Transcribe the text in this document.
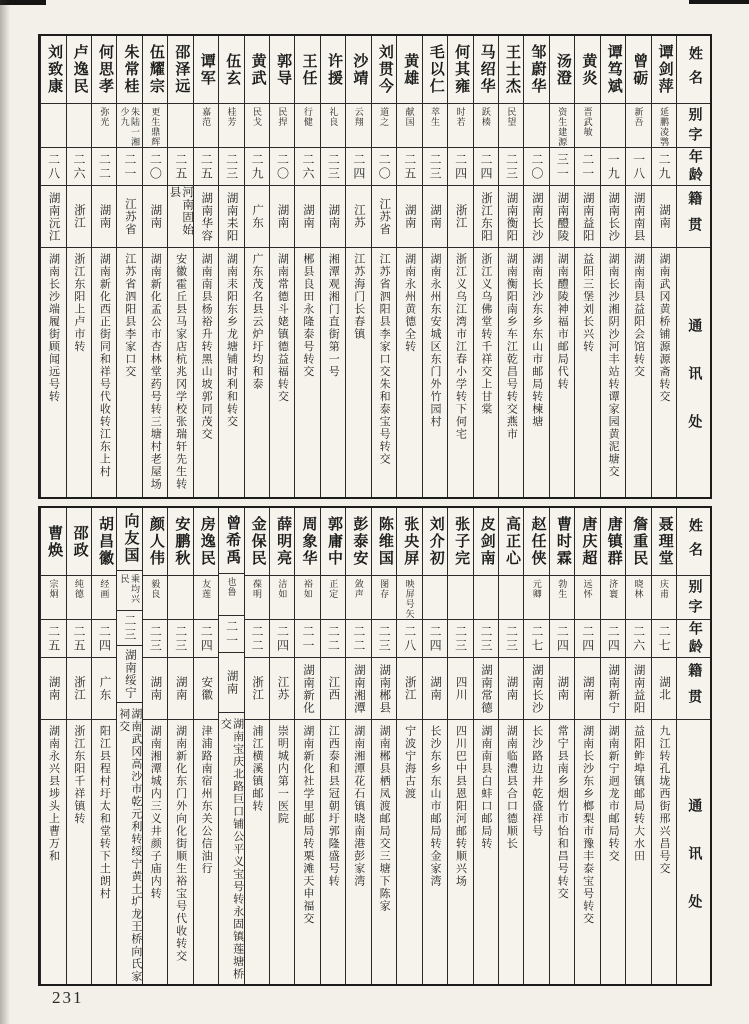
姓名
别字
年龄
籍贯
通讯处
谭剑萍
延鹏凌鹗
二九
湖南
湖南武冈黄桥铺源源斋转交
曾砺
新吾
一八
湖南南县
湖南南县益阳会馆转交
谭笃斌
一九
湖南长沙
湖南长沙湘阴沙河丰站转谭家园黄泥塘交
黄炎
晋武敏
二一
湖南益阳
益阳三堡刘长兴转
汤澄
资生建源
三一
湖南醴陵
湖南醴陵神福市邮局代转
邹蔚华
二〇
湖南长沙
湖南长沙东乡东山市邮局转楝塘
王士杰
民望
二三
湖南衡阳
湖南衡阳南乡车江乾昌号转交燕市
马绍华
跃楱
二四
浙江东阳
浙江义乌佛堂转千祥交上甘棠
何其雍
时若
二四
浙江
浙江义乌江湾市江春小学转下何宅
毛以仁
萃生
二三
湖南
湖南永州东安城区东门外竹园村
黄雄
献国
二五
湖南
湖南永州黄德全转
刘贯今
道之
二〇
江苏省
江苏省泗阳县李家口交朱和泰宝号转交
沙靖
云翔
二四
江苏
江苏海门长春镇
许援
礼良
二三
湖南
湘潭观湘门直街第一号
王任
行健
二六
湖南
郴县良田永隆泰号转交
郭导
民捍
二〇
湖南
湖南常德斗姥镇德益福转交
黄武
民戈
二九
广东
广东茂名县云炉圩均和泰
伍玄
桂芳
二三
湖南耒阳
湖南耒阳东乡龙塘铺时利和转交
谭军
嘉范
二五
湖南华容
湖南南县杨裕升转黑山坡郭同茂交
邵泽远
二五
河南固始县
安徽霍丘县马家店杭兆冈学校张瑞轩先生转
伍耀宗
更生鼎辉
二〇
湖南
湖南新化孟公市杏林堂药号转三塘村老屋场
朱常桂
朱陆一湘少九
二一
江苏省
江苏省泗阳县李家口交
何思孝
弥光
二二
湖南
湖南新化西正街同和祥号代收转江东上村
卢逸民
二六
浙江
浙江东阳上卢市转
刘致康
二八
湖南沅江
湖南长沙端履街顾闻远号转
姓名
别字
年龄
籍贯
通讯处
聂理堂
庆甫
二七
湖北
九江转孔垅西街邢兴昌号交
詹重民
晓林
二六
湖南益阳
益阳鲊埠镇邮局转大水田
唐镇群
济寰
二四
湖南新宁
湖南新宁迥龙市邮局转交
唐庆超
远怀
二四
湖南
湖南长沙东乡榔梨市豫丰泰宝号转交
曹时霖
勃生
二四
湖南
常宁县南乡烟竹市怡和昌号转交
赵任侠
元卿
二七
湖南长沙
长沙路边井乾盛祥号
高正心
二三
湖南
湖南临澧县合口德顺长
皮剑南
二三
湖南常德
湖南南县白蚌口邮局转
张子完
二三
四川
四川巴中县恩阳河邮转顺兴场
刘介初
二四
湖南
长沙东乡东山市邮局转金家湾
张央屏
映屏号矢
二八
浙江
宁波宁海古渡
陈维国
图存
二三
湖南郴县
湖南郴县栖凤渡邮局交三塘下陈家
彭泰安
敛声
二二
湖南湘潭
湖南湘潭花石镇晓南港彭家湾
郭庸中
正定
二二
江西
江西泰和县冠朝圩郭隆盛号转
周象华
裕如
二一
湖南新化
湖南新化社学里邮局转栗滩天申福交
薛明亮
洁如
二四
江苏
崇明城内第一医院
金保民
葆明
二二
浙江
浦江横溪镇邮转
曾希禹
也鲁
二一
湖南
湖南宝庆北路巨口铺公平义宝号转永固镇莲塘桥交
房逸民
友莲
二四
安徽
津浦路南宿州东关公信油行
安鹏秋
二三
湖南
湖南新化东门外向化街顺生裕宝号代收转交
颜人伟
毅良
二三
湖南
湖南湘潭城内三义井颜子庙内转
向友国
乘均兴民
二三
湖南绥宁
湖南武冈高沙市乾元利转绥宁黄土圹龙王桥向氏家祠交
胡昌徽
经画
二四
广东
阳江县程村圩太和堂转下土朗村
邵政
纯德
二五
浙江
浙江东阳千祥镇转
曹焕
宗炯
二五
湖南
湖南永兴县埗头上曹万和
231
